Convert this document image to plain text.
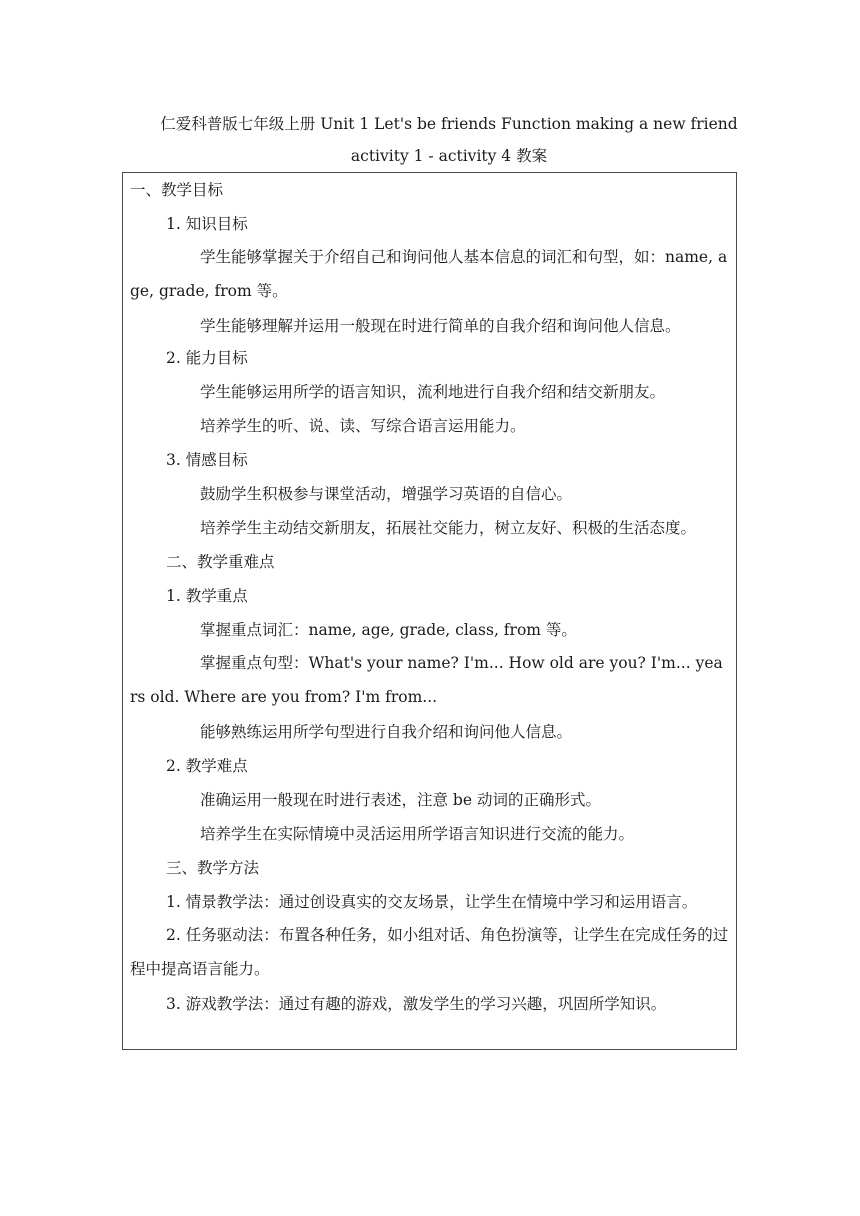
仁爱科普版七年级上册 Unit 1 Let's be friends Function making a new friend activity 1 - activity 4 教案
一、教学目标
1. 知识目标
学生能够掌握关于介绍自己和询问他人基本信息的词汇和句型，如：name, age, grade, from 等。
学生能够理解并运用一般现在时进行简单的自我介绍和询问他人信息。
2. 能力目标
学生能够运用所学的语言知识，流利地进行自我介绍和结交新朋友。
培养学生的听、说、读、写综合语言运用能力。
3. 情感目标
鼓励学生积极参与课堂活动，增强学习英语的自信心。
培养学生主动结交新朋友，拓展社交能力，树立友好、积极的生活态度。
二、教学重难点
1. 教学重点
掌握重点词汇：name, age, grade, class, from 等。
掌握重点句型：What's your name? I'm... How old are you? I'm... years old. Where are you from? I'm from...
能够熟练运用所学句型进行自我介绍和询问他人信息。
2. 教学难点
准确运用一般现在时进行表述，注意 be 动词的正确形式。
培养学生在实际情境中灵活运用所学语言知识进行交流的能力。
三、教学方法
1. 情景教学法：通过创设真实的交友场景，让学生在情境中学习和运用语言。
2. 任务驱动法：布置各种任务，如小组对话、角色扮演等，让学生在完成任务的过程中提高语言能力。
3. 游戏教学法：通过有趣的游戏，激发学生的学习兴趣，巩固所学知识。
